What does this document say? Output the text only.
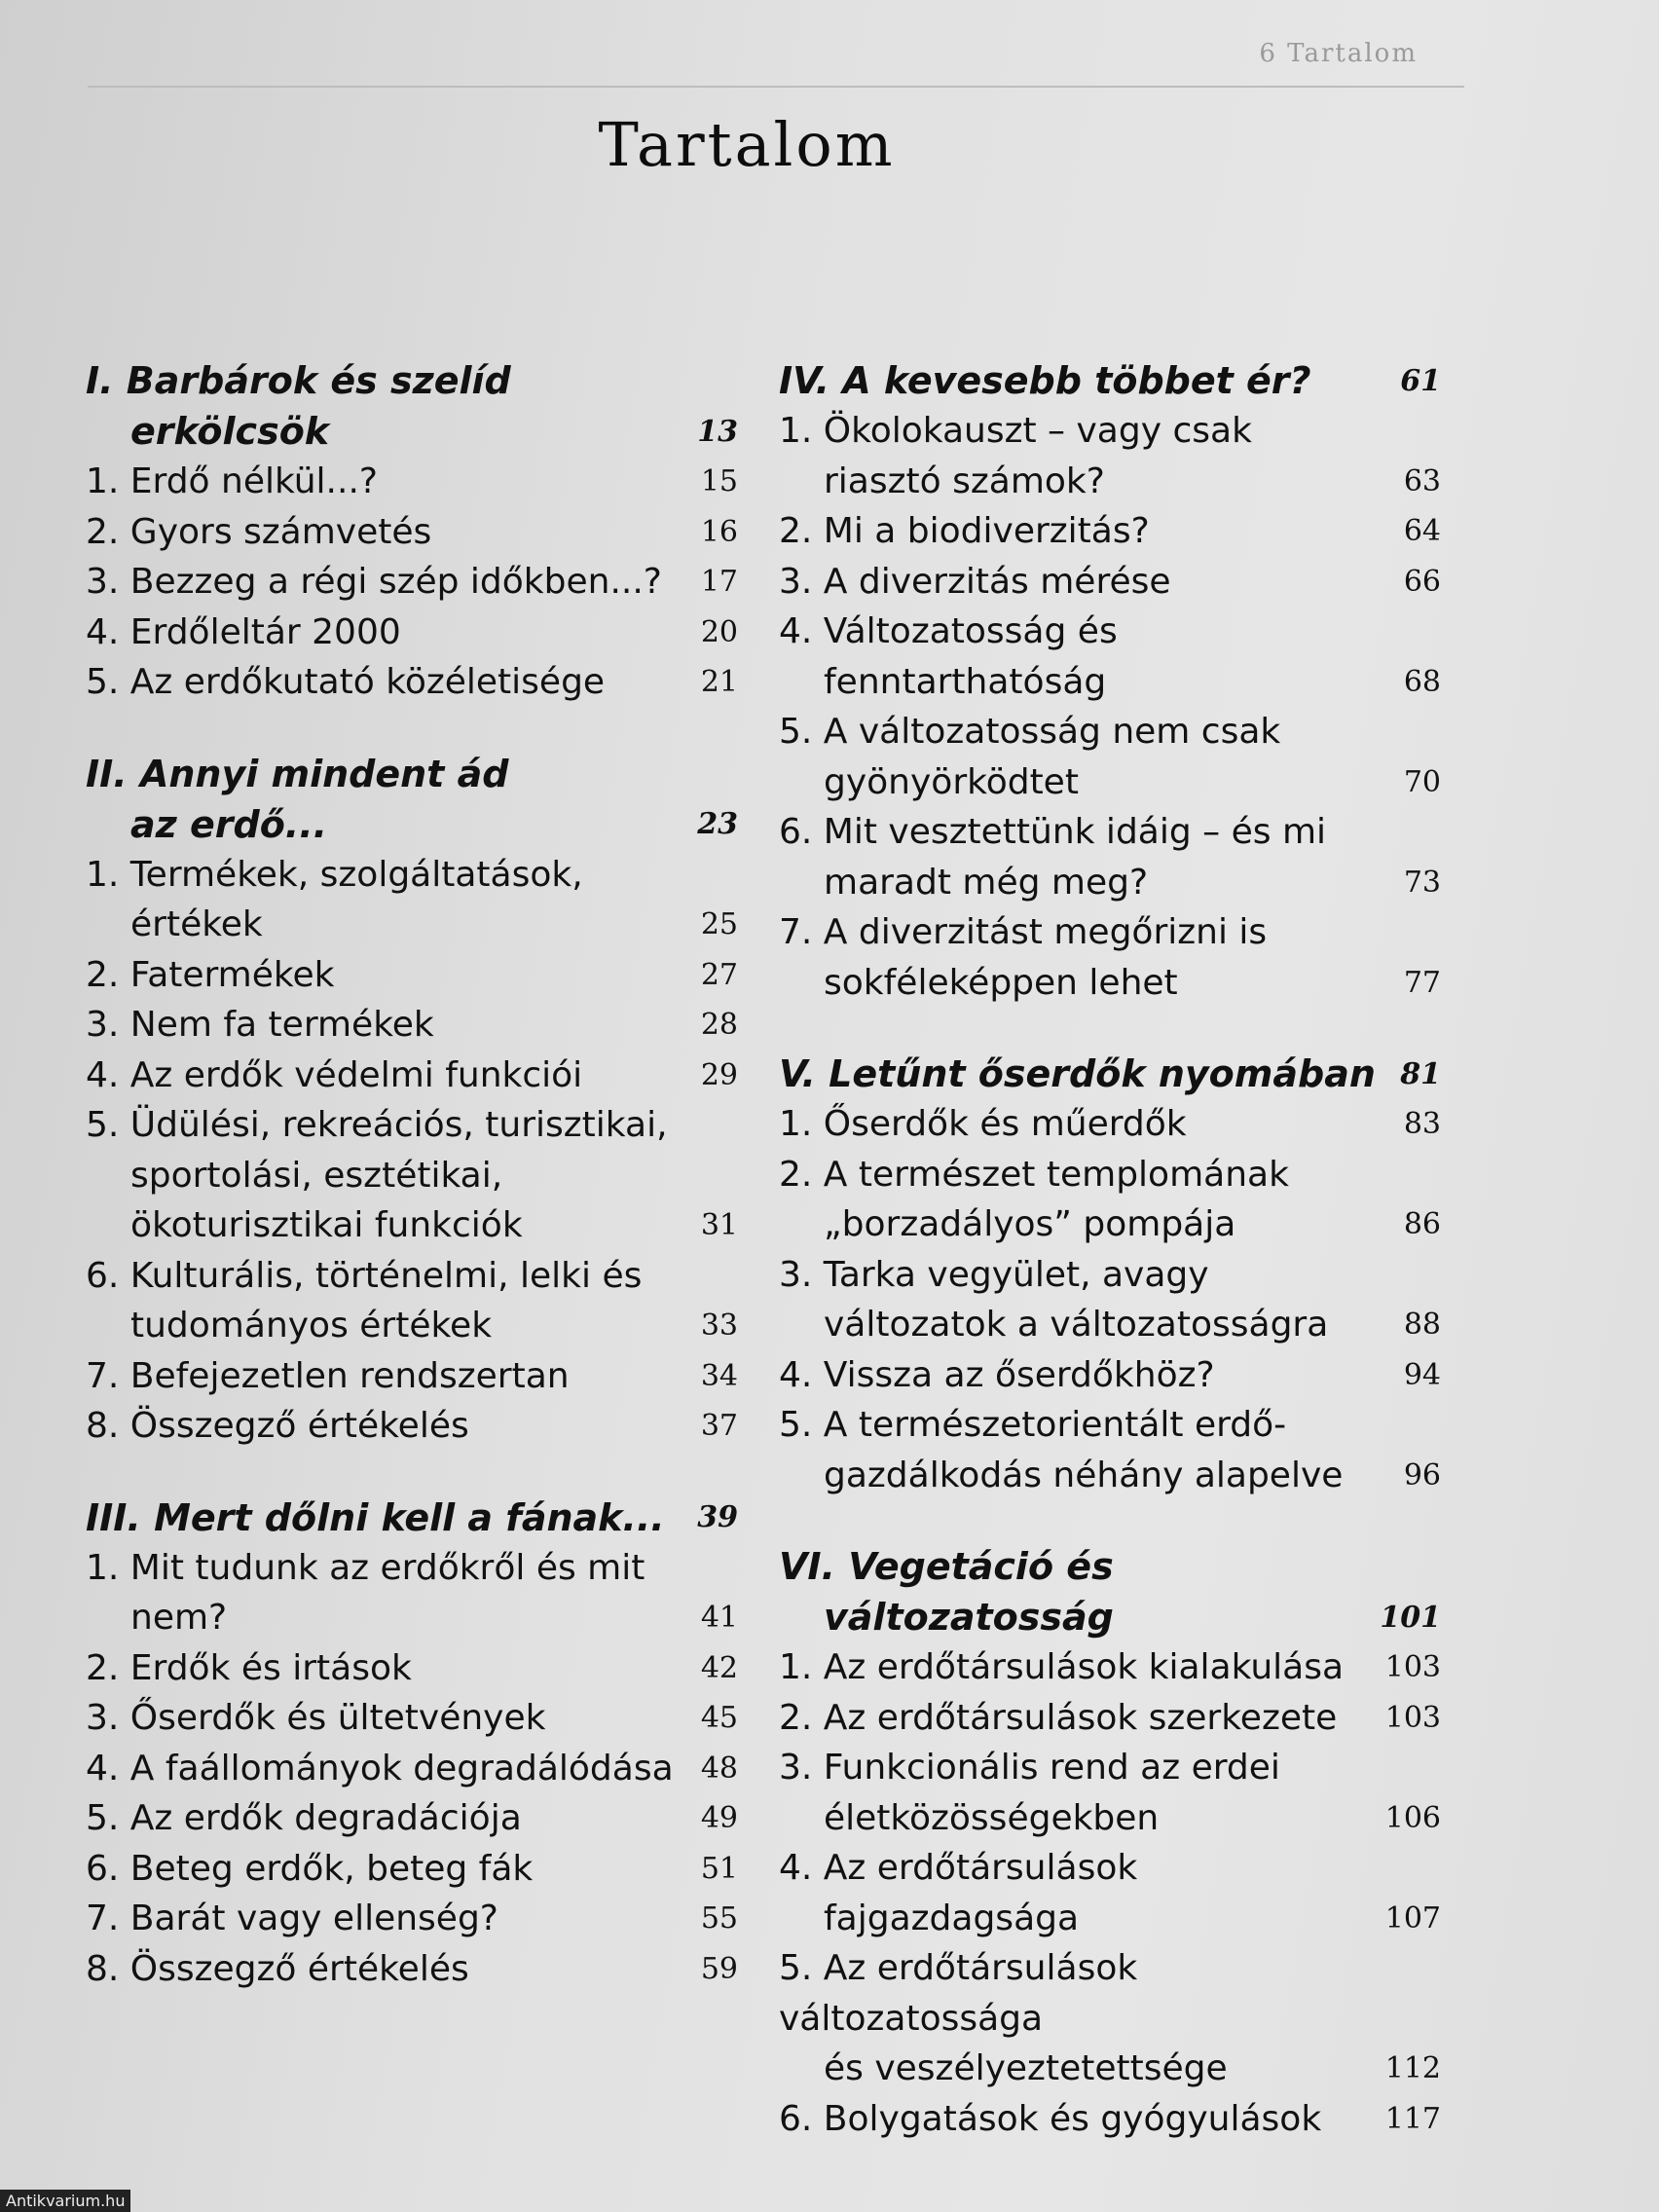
6 Tartalom
Tartalom
I. Barbárok és szelíd
erkölcsök	13
1. Erdő nélkül...?	15
2. Gyors számvetés	16
3. Bezzeg a régi szép időkben...?	17
4. Erdőleltár 2000	20
5. Az erdőkutató közéletisége	21
II. Annyi mindent ád
az erdő...	23
1. Termékek, szolgáltatások,
értékek	25
2. Fatermékek	27
3. Nem fa termékek	28
4. Az erdők védelmi funkciói	29
5. Üdülési, rekreációs, turisztikai,
sportolási, esztétikai,
ökoturisztikai funkciók	31
6. Kulturális, történelmi, lelki és
tudományos értékek	33
7. Befejezetlen rendszertan	34
8. Összegző értékelés	37
III. Mert dőlni kell a fának...	39
1. Mit tudunk az erdőkről és mit
nem?	41
2. Erdők és irtások	42
3. Őserdők és ültetvények	45
4. A faállományok degradálódása 48
5. Az erdők degradációja	49
6. Beteg erdők, beteg fák	51
7. Barát vagy ellenség?	55
8. Összegző értékelés	59
IV. A kevesebb többet ér?	61
1. Ökolokauszt – vagy csak
riasztó számok?	63
2. Mi a biodiverzitás?	64
3. A diverzitás mérése	66
4. Változatosság és
fenntarthatóság	68
5. A változatosság nem csak
gyönyörködtet	70
6. Mit vesztettünk idáig – és mi
maradt még meg?	73
7. A diverzitást megőrizni is
sokféleképpen lehet	77
V. Letűnt őserdők nyomában 81
1. Őserdők és műerdők	83
2. A természet templomának
„borzadályos” pompája	86
3. Tarka vegyület, avagy
változatok a változatosságra	88
4. Vissza az őserdőkhöz?	94
5. A természetorientált erdő-
gazdálkodás néhány alapelve	96
VI. Vegetáció és
változatosság	101
1. Az erdőtársulások kialakulása	103
2. Az erdőtársulások szerkezete	103
3. Funkcionális rend az erdei
életközösségekben	106
4. Az erdőtársulások
fajgazdagsága	107
5. Az erdőtársulások változatossága
és veszélyeztetettsége	112
6. Bolygatások és gyógyulások	117
Antikvarium.hu
